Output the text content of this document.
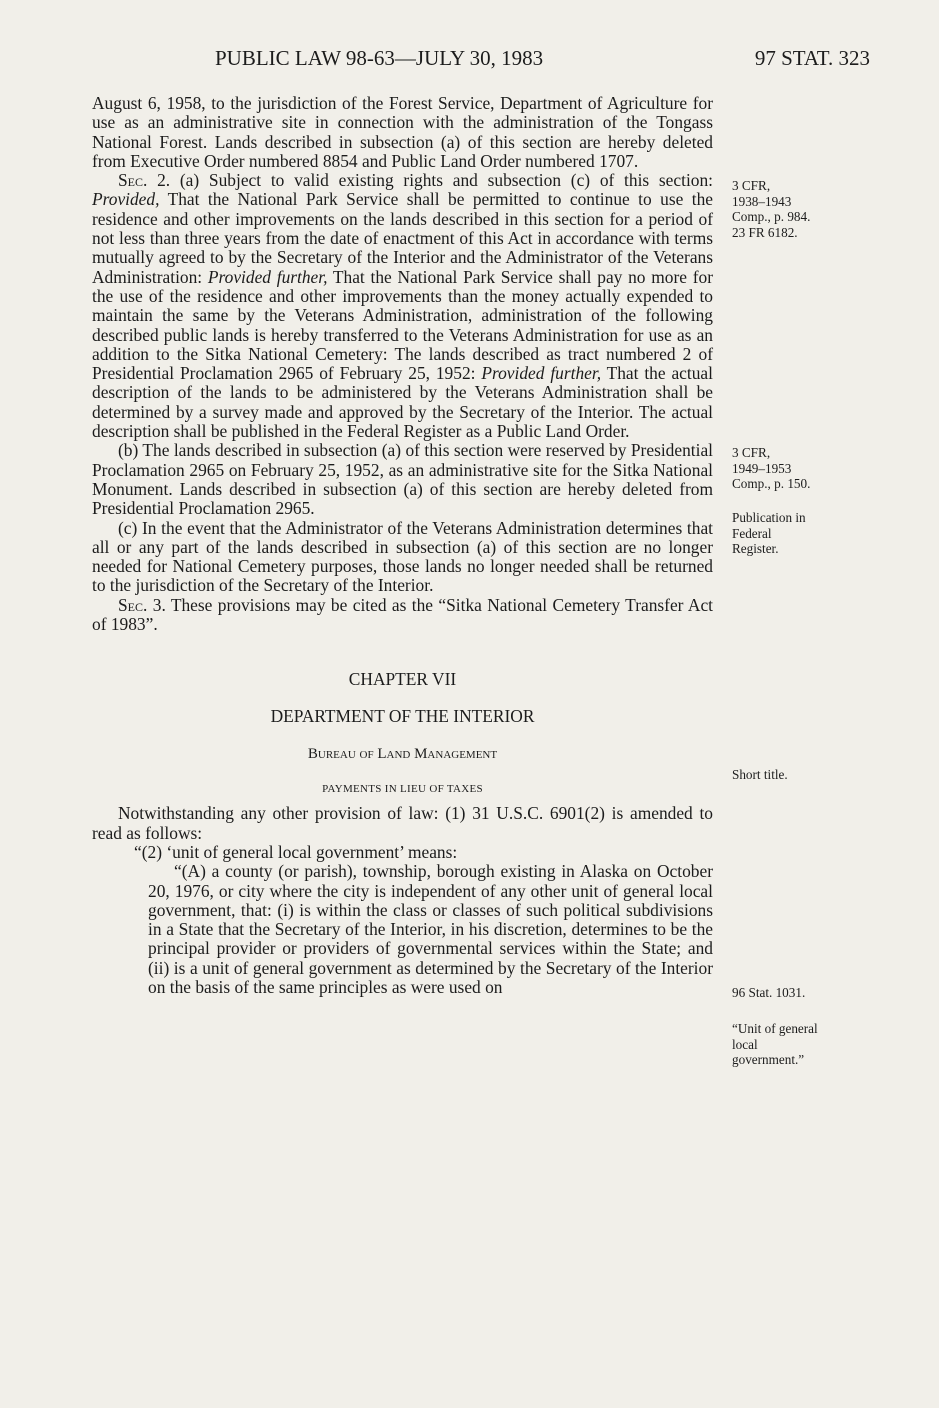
PUBLIC LAW 98-63—JULY 30, 1983	97 STAT. 323

August 6, 1958, to the jurisdiction of the Forest Service, Department of Agriculture for use as an administrative site in connection with the administration of the Tongass National Forest. Lands described in subsection (a) of this section are hereby deleted from Executive Order numbered 8854 and Public Land Order numbered 1707.

Sec. 2. (a) Subject to valid existing rights and subsection (c) of this section: Provided, That the National Park Service shall be permitted to continue to use the residence and other improvements on the lands described in this section for a period of not less than three years from the date of enactment of this Act in accordance with terms mutually agreed to by the Secretary of the Interior and the Administrator of the Veterans Administration: Provided further, That the National Park Service shall pay no more for the use of the residence and other improvements than the money actually expended to maintain the same by the Veterans Administration, administration of the following described public lands is hereby transferred to the Veterans Administration for use as an addition to the Sitka National Cemetery: The lands described as tract numbered 2 of Presidential Proclamation 2965 of February 25, 1952: Provided further, That the actual description of the lands to be administered by the Veterans Administration shall be determined by a survey made and approved by the Secretary of the Interior. The actual description shall be published in the Federal Register as a Public Land Order.

(b) The lands described in subsection (a) of this section were reserved by Presidential Proclamation 2965 on February 25, 1952, as an administrative site for the Sitka National Monument. Lands described in subsection (a) of this section are hereby deleted from Presidential Proclamation 2965.

(c) In the event that the Administrator of the Veterans Administration determines that all or any part of the lands described in subsection (a) of this section are no longer needed for National Cemetery purposes, those lands no longer needed shall be returned to the jurisdiction of the Secretary of the Interior.

Sec. 3. These provisions may be cited as the “Sitka National Cemetery Transfer Act of 1983”.

CHAPTER VII
DEPARTMENT OF THE INTERIOR
Bureau of Land Management
PAYMENTS IN LIEU OF TAXES

Notwithstanding any other provision of law: (1) 31 U.S.C. 6901(2) is amended to read as follows:

“(2) ‘unit of general local government’ means:

“(A) a county (or parish), township, borough existing in Alaska on October 20, 1976, or city where the city is independent of any other unit of general local government, that: (i) is within the class or classes of such political subdivisions in a State that the Secretary of the Interior, in his discretion, determines to be the principal provider or providers of governmental services within the State; and (ii) is a unit of general government as determined by the Secretary of the Interior on the basis of the same principles as were used on

3 CFR,
1938–1943
Comp., p. 984.
23 FR 6182.
3 CFR,
1949–1953
Comp., p. 150.
Publication in
Federal
Register.
Short title.
96 Stat. 1031.
“Unit of general
local
government.”
